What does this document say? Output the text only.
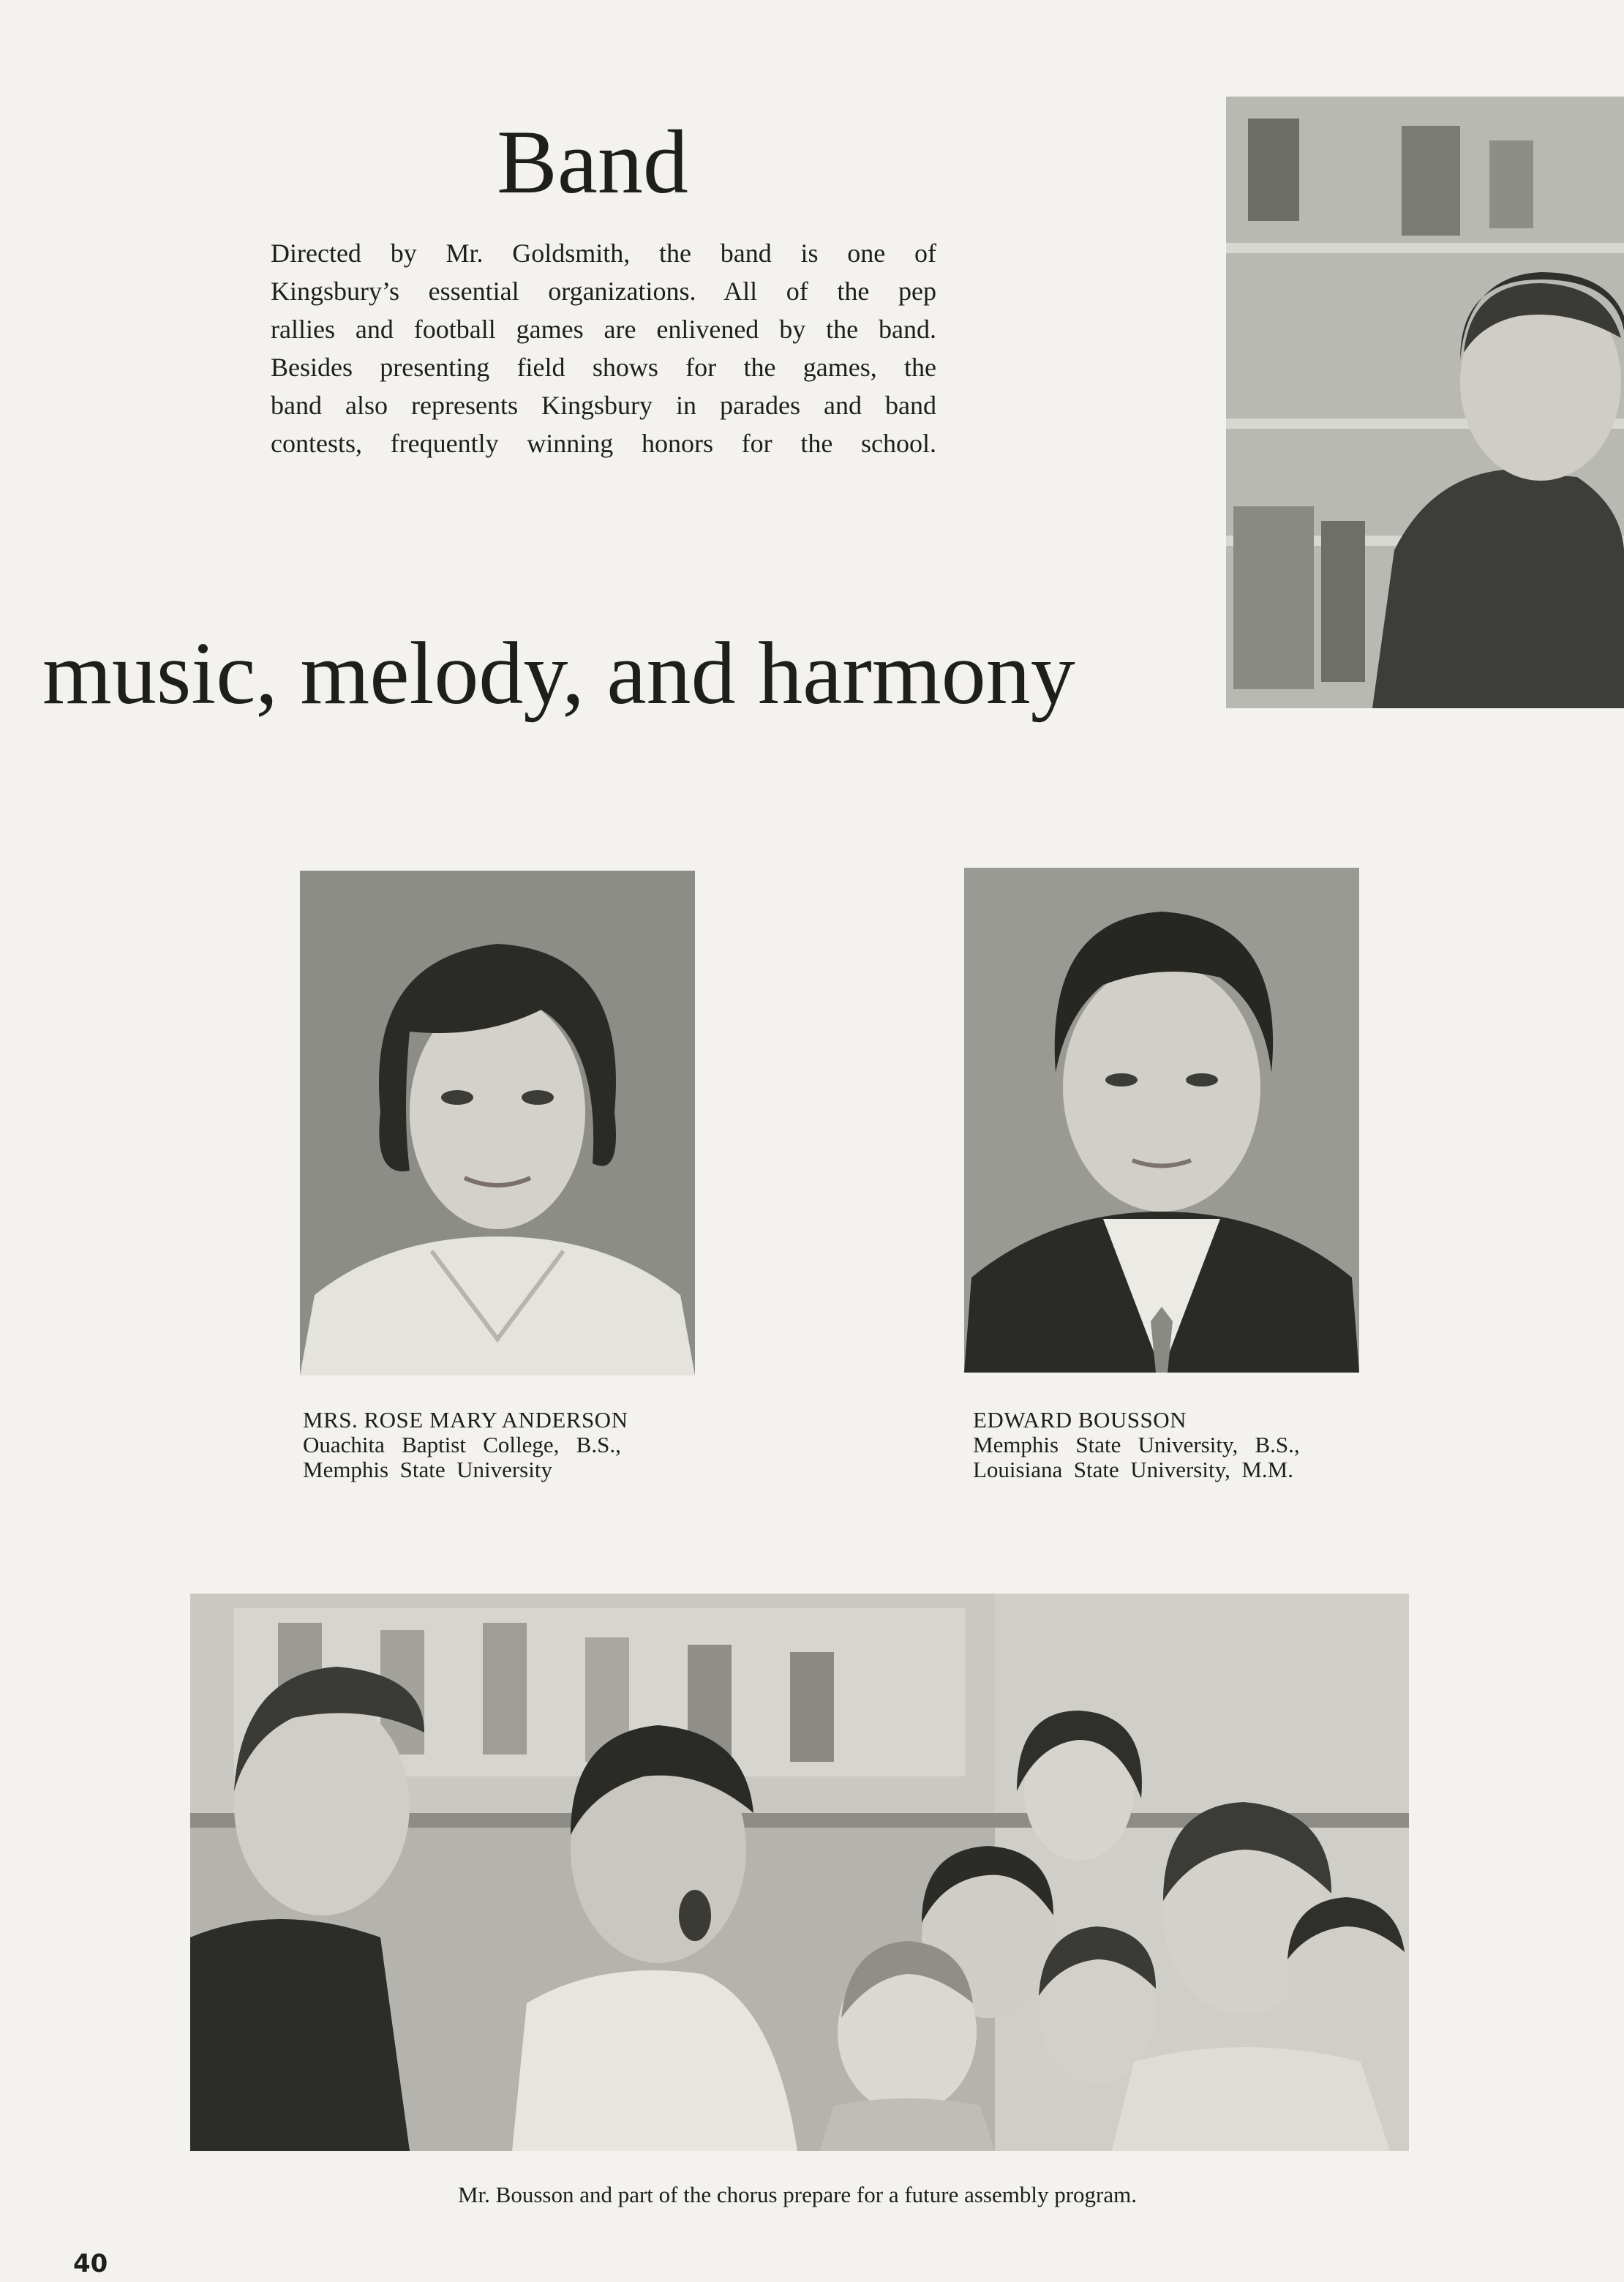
Band
Directed by Mr. Goldsmith, the band is one of
Kingsbury’s essential organizations. All of the pep
rallies and football games are enlivened by the band.
Besides presenting field shows for the games, the
band also represents Kingsbury in parades and band
contests, frequently winning honors for the school.
music, melody, and harmony
MRS. ROSE MARY ANDERSON
Ouachita   Baptist   College,   B.S.,
Memphis  State  University
EDWARD BOUSSON
Memphis   State   University,   B.S.,
Louisiana  State  University,  M.M.
Mr. Bousson and part of the chorus prepare for a future assembly program.
40
